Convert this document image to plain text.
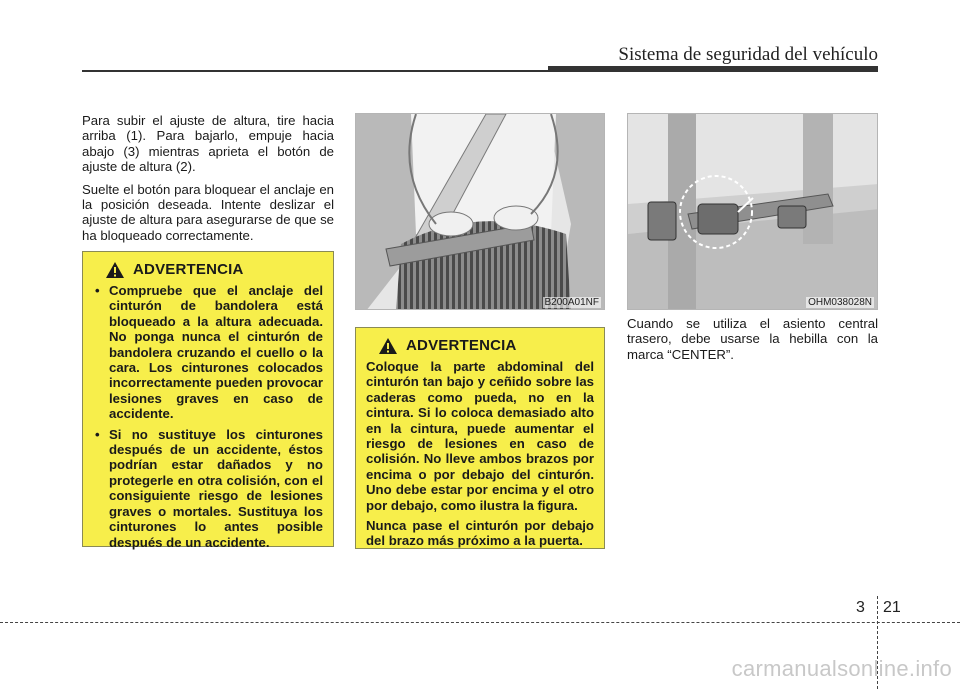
Sistema de seguridad del vehículo

Para subir el ajuste de altura, tire hacia arriba (1). Para bajarlo, empuje hacia abajo (3) mientras aprieta el botón de ajuste de altura (2).

Suelte el botón para bloquear el anclaje en la posición deseada. Intente deslizar el ajuste de altura para asegurarse de que se ha bloqueado correctamente.

ADVERTENCIA
• Compruebe que el anclaje del cinturón de bandolera está bloqueado a la altura adecuada. No ponga nunca el cinturón de bandolera cruzando el cuello o la cara. Los cinturones colocados incorrectamente pueden provocar lesiones graves en caso de accidente.
• Si no sustituye los cinturones después de un accidente, éstos podrían estar dañados y no protegerle en otra colisión, con el consiguiente riesgo de lesiones graves o mortales. Sustituya los cinturones lo antes posible después de un accidente.
B200A01NF
ADVERTENCIA

Coloque la parte abdominal del cinturón tan bajo y ceñido sobre las caderas como pueda, no en la cintura. Si lo coloca demasiado alto en la cintura, puede aumentar el riesgo de lesiones en caso de colisión. No lleve ambos brazos por encima o por debajo del cinturón. Uno debe estar por encima y el otro por debajo, como ilustra la figura.

Nunca pase el cinturón por debajo del brazo más próximo a la puerta.

OHM038028N

Cuando se utiliza el asiento central trasero, debe usarse la hebilla con la marca “CENTER”.

3 21
carmanualsonline.info
